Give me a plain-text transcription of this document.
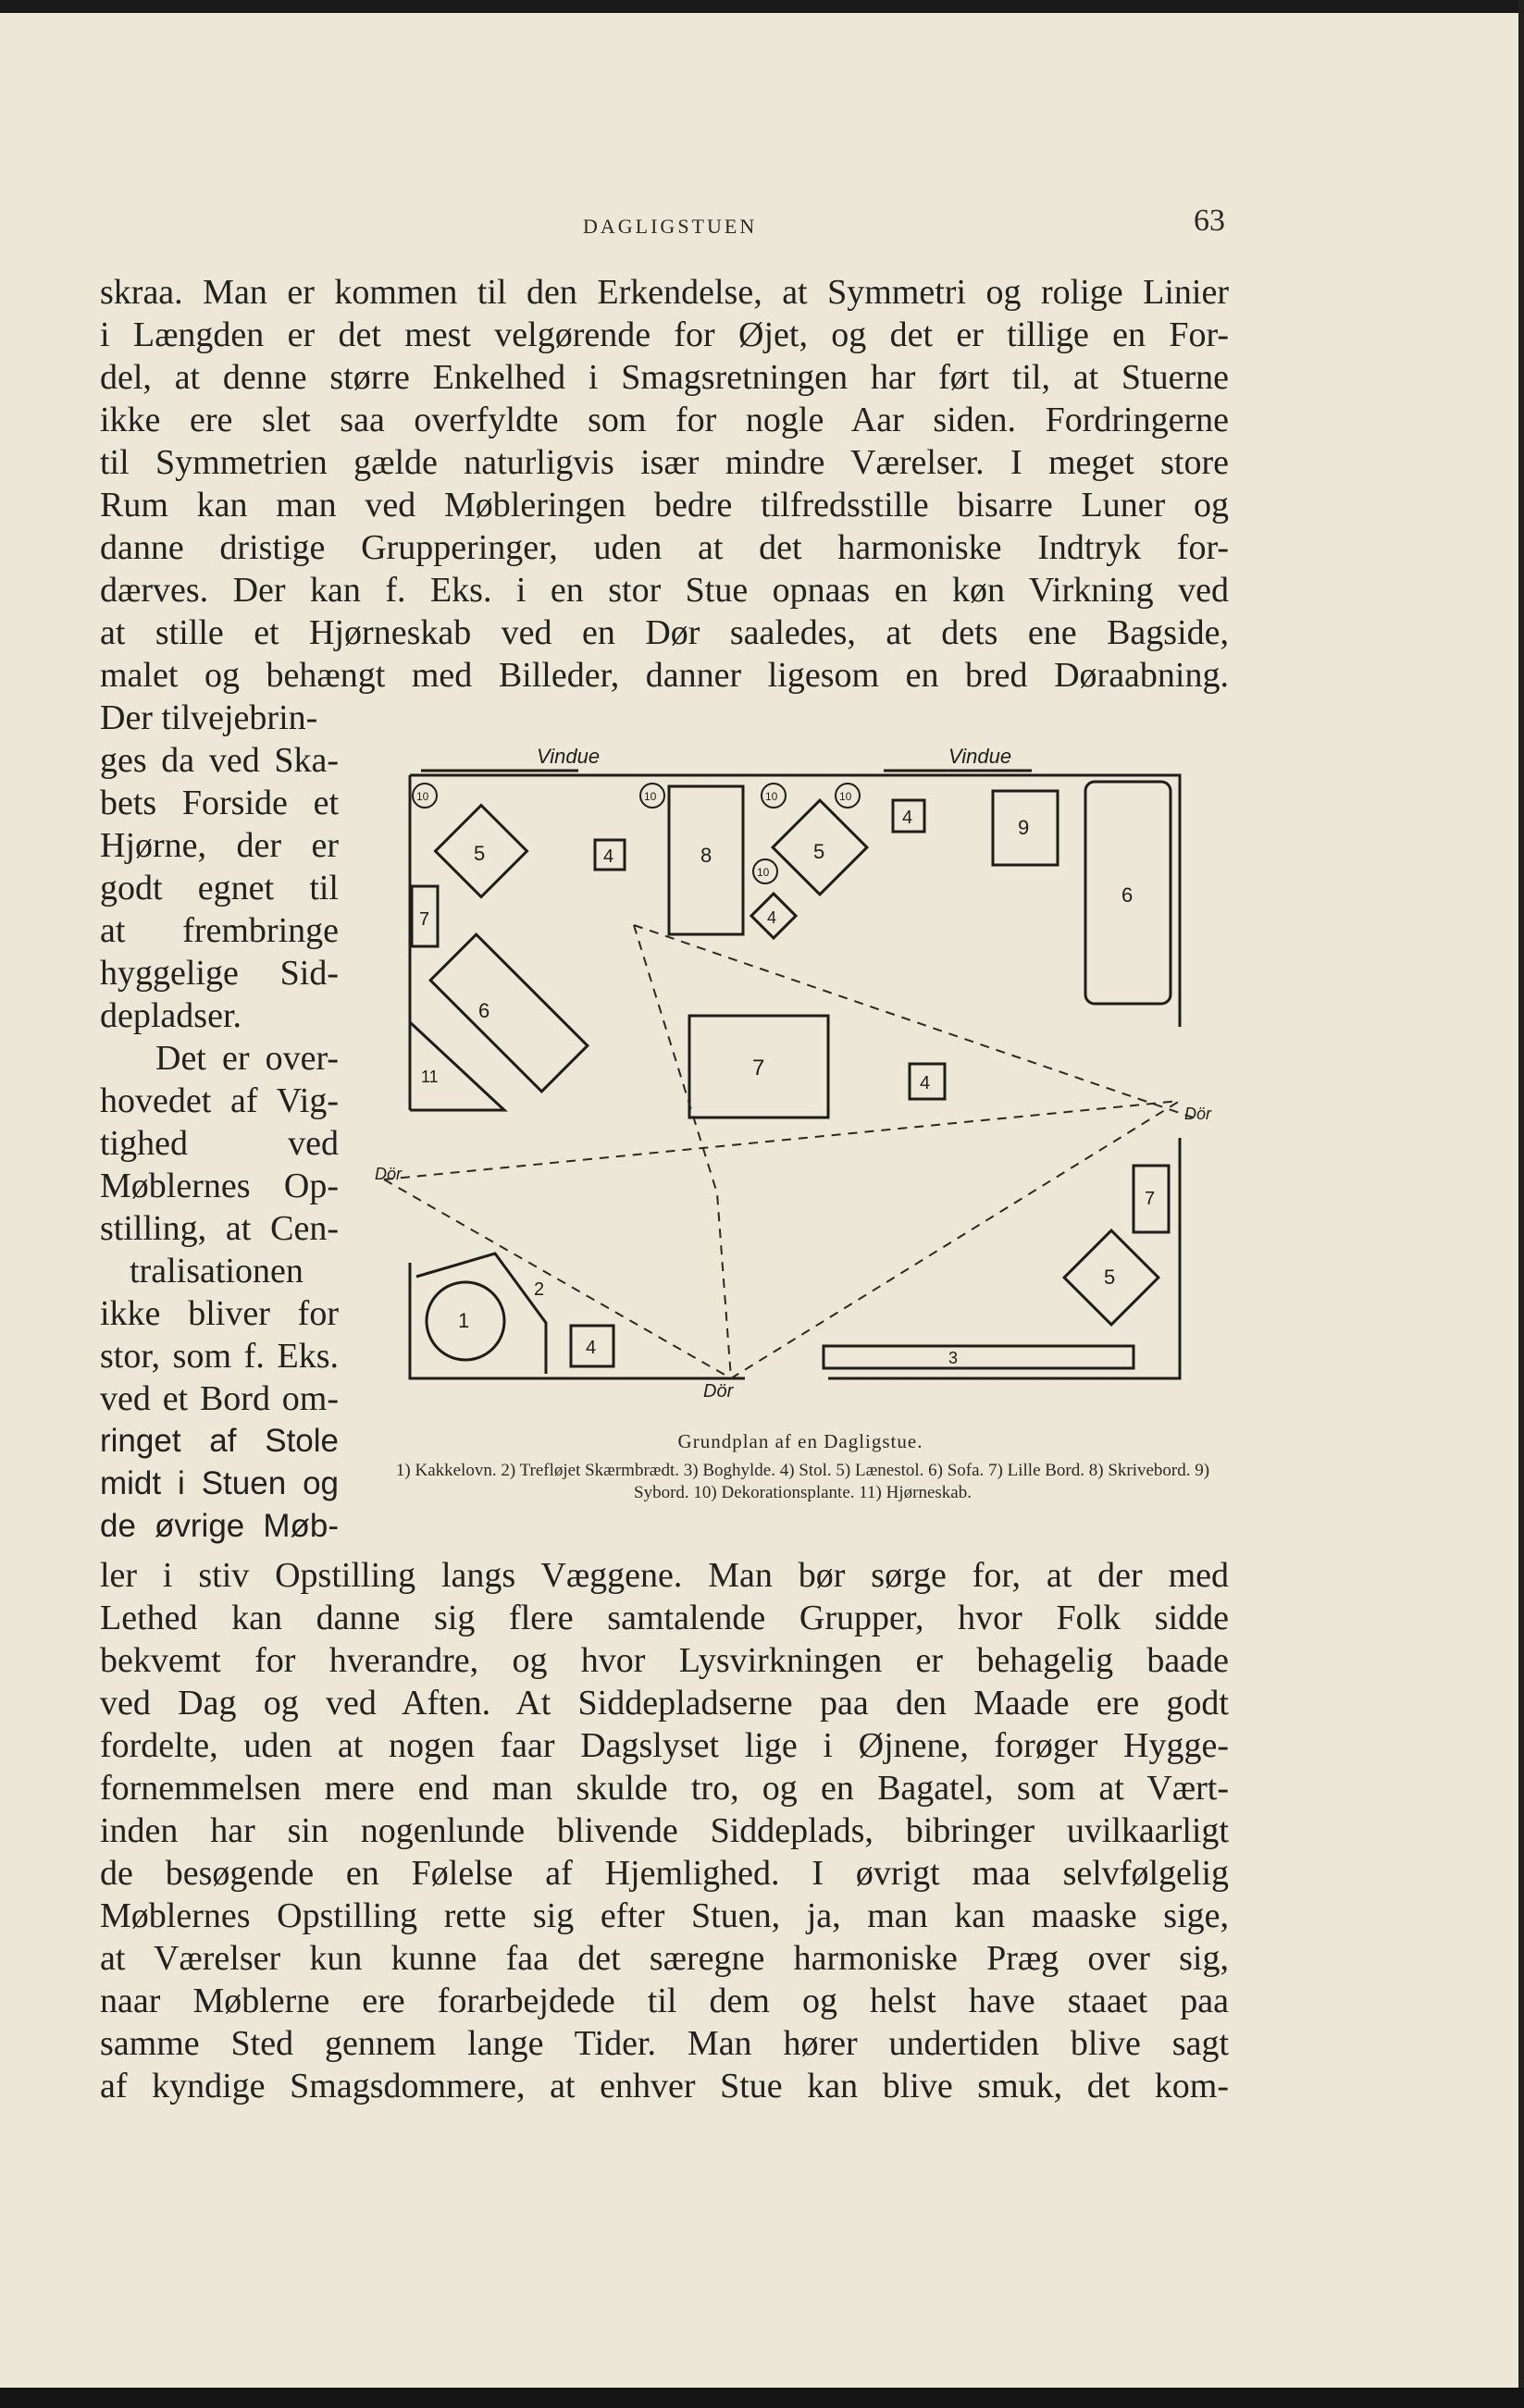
DAGLIGSTUEN	63

skraa. Man er kommen til den Erkendelse, at Symmetri og rolige Linier

i Længden er det mest velgørende for Øjet, og det er tillige en For-

del, at denne større Enkelhed i Smagsretningen har ført til, at Stuerne

ikke ere slet saa overfyldte som for nogle Aar siden. Fordringerne

til Symmetrien gælde naturligvis især mindre Værelser. I meget store

Rum kan man ved Møbleringen bedre tilfredsstille bisarre Luner og

danne dristige Grupperinger, uden at det harmoniske Indtryk for-

dærves. Der kan f. Eks. i en stor Stue opnaas en køn Virkning ved

at stille et Hjørneskab ved en Dør saaledes, at dets ene Bagside,

malet og behængt med Billeder, danner ligesom en bred Døraabning.

Der tilvejebrin-

ges da ved Ska-

bets Forside et

Hjørne, der er

godt egnet til

at frembringe

hyggelige Sid-

depladser.

Det er over-

hovedet af Vig-

tighed ved

Møblernes Op-

stilling, at Cen-

tralisationen

ikke bliver for

stor, som f. Eks.

ved et Bord om-

ringet af Stole

midt i Stuen og

de øvrige Møb-

Vindue	Vindue
Dör
Dör
Dör
10	10	10	10
10
5
7
4	8	5
4
4	9
6
6
11	7
4
7
5
3
1
2
4
Grundplan af en Dagligstue.

1) Kakkelovn. 2) Trefløjet Skærmbrædt. 3) Boghylde. 4) Stol. 5) Lænestol. 6) Sofa. 7) Lille Bord. 8) Skrivebord. 9) Sybord. 10) Dekorationsplante. 11) Hjørneskab.

ler i stiv Opstilling langs Væggene. Man bør sørge for, at der med

Lethed kan danne sig flere samtalende Grupper, hvor Folk sidde

bekvemt for hverandre, og hvor Lysvirkningen er behagelig baade

ved Dag og ved Aften. At Siddepladserne paa den Maade ere godt

fordelte, uden at nogen faar Dagslyset lige i Øjnene, forøger Hygge-

fornemmelsen mere end man skulde tro, og en Bagatel, som at Vært-

inden har sin nogenlunde blivende Siddeplads, bibringer uvilkaarligt

de besøgende en Følelse af Hjemlighed. I øvrigt maa selvfølgelig

Møblernes Opstilling rette sig efter Stuen, ja, man kan maaske sige,

at Værelser kun kunne faa det særegne harmoniske Præg over sig,

naar Møblerne ere forarbejdede til dem og helst have staaet paa

samme Sted gennem lange Tider. Man hører undertiden blive sagt

af kyndige Smagsdommere, at enhver Stue kan blive smuk, det kom-
